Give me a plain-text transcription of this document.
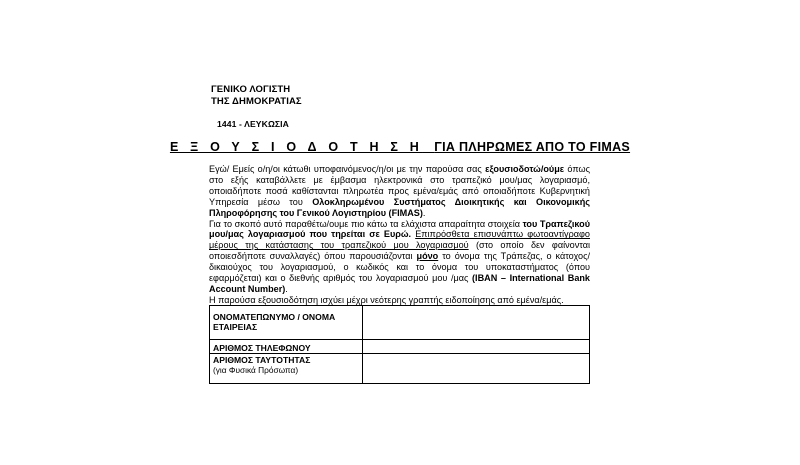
ΓΕΝΙΚΟ ΛΟΓΙΣΤΗ
ΤΗΣ ΔΗΜΟΚΡΑΤΙΑΣ
1441 - ΛΕΥΚΩΣΙΑ
Ε Ξ Ο Υ Σ Ι Ο Δ Ο Τ Η Σ Η ΓΙΑ ΠΛΗΡΩΜΕΣ ΑΠΟ ΤΟ FIMAS

Εγώ/ Εμείς ο/η/οι κάτωθι υποφαινόμενος/η/οι με την παρούσα σας εξουσιοδοτώ/ούμε όπως στο εξής καταβάλλετε με έμβασμα ηλεκτρονικά στο τραπεζικό μου/μας λογαριασμό, οποιαδήποτε ποσά καθίστανται πληρωτέα προς εμένα/εμάς από οποιαδήποτε Κυβερνητική Υπηρεσία μέσω του Ολοκληρωμένου Συστήματος Διοικητικής και Οικονομικής Πληροφόρησης του Γενικού Λογιστηρίου (FIMAS).

Για το σκοπό αυτό παραθέτω/ουμε πιο κάτω τα ελάχιστα απαραίτητα στοιχεία του Τραπεζικού μου/μας λογαριασμού που τηρείται σε Ευρώ. Επιπρόσθετα επισυνάπτω φωτοαντίγραφο μέρους της κατάστασης του τραπεζικού μου λογαριασμού (στο οποίο δεν φαίνονται οποιεσδήποτε συναλλαγές) όπου παρουσιάζονται μόνο το όνομα της Τράπεζας, ο κάτοχος/δικαιούχος του λογαριασμού, ο κωδικός και το όνομα του υποκαταστήματος (όπου εφαρμόζεται) και ο διεθνής αριθμός του λογαριασμού μου /μας (IBAN – International Bank Account Number).

Η παρούσα εξουσιοδότηση ισχύει μέχρι νεότερης γραπτής ειδοποίησης από εμένα/εμάς.

ΟΝΟΜΑΤΕΠΩΝΥΜΟ / ΟΝΟΜΑ ΕΤΑΙΡΕΙΑΣ	
ΑΡΙΘΜΟΣ ΤΗΛΕΦΩΝΟΥ	

ΑΡΙΘΜΟΣ ΤΑΥΤΟΤΗΤΑΣ
(για Φυσικά Πρόσωπα)	
